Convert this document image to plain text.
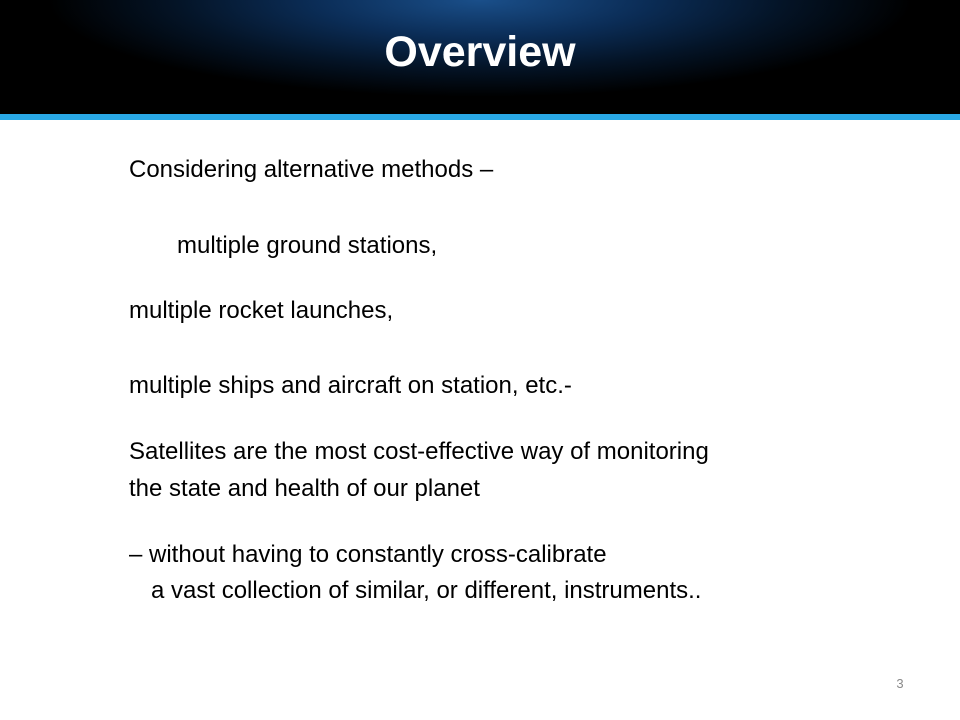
Overview

Considering alternative methods –

multiple ground stations,

multiple rocket launches,

multiple ships and aircraft on station, etc.-

Satellites are the most cost-effective way of monitoring

the state and health of our planet

– without having to constantly cross-calibrate

a vast collection of similar, or different, instruments..

3
